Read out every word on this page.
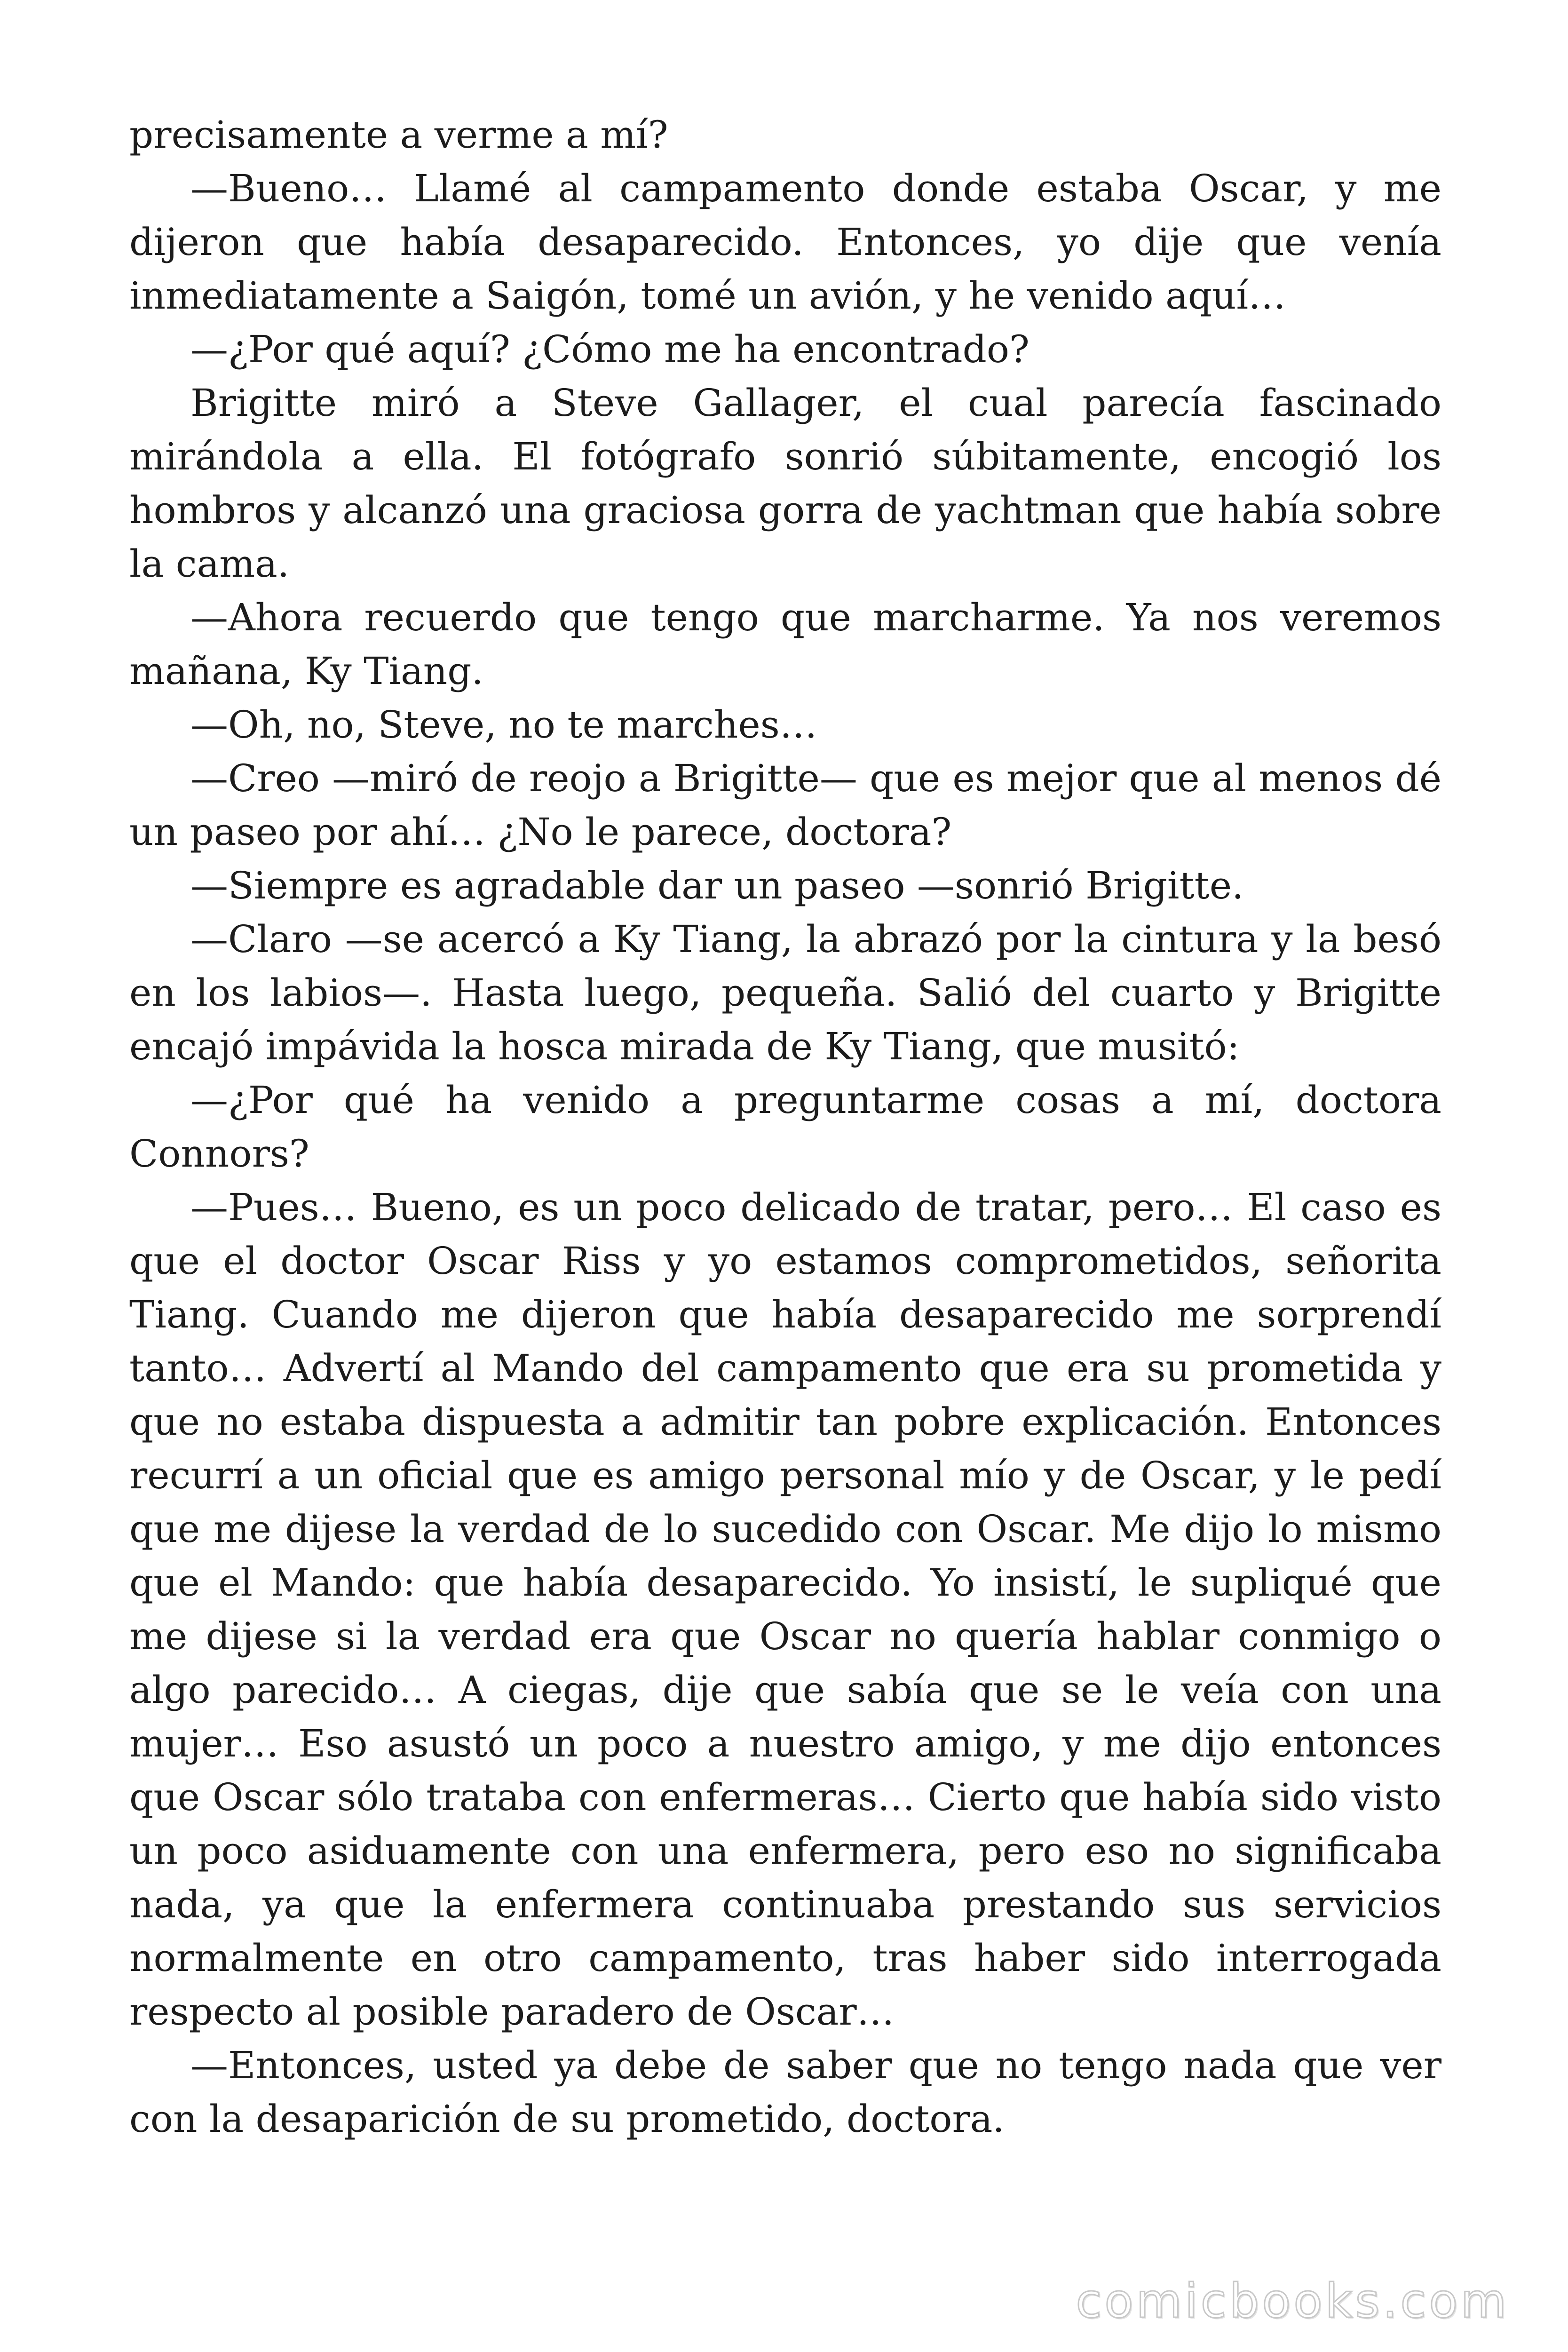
precisamente a verme a mí?

—Bueno… Llamé al campamento donde estaba Oscar, y me dijeron que había desaparecido. Entonces, yo dije que venía inmediatamente a Saigón, tomé un avión, y he venido aquí…

—¿Por qué aquí? ¿Cómo me ha encontrado?

Brigitte miró a Steve Gallager, el cual parecía fascinado mirándola a ella. El fotógrafo sonrió súbitamente, encogió los hombros y alcanzó una graciosa gorra de yachtman que había sobre la cama.

—Ahora recuerdo que tengo que marcharme. Ya nos veremos mañana, Ky Tiang.

—Oh, no, Steve, no te marches…

—Creo —miró de reojo a Brigitte— que es mejor que al menos dé un paseo por ahí… ¿No le parece, doctora?

—Siempre es agradable dar un paseo —sonrió Brigitte.

—Claro —se acercó a Ky Tiang, la abrazó por la cintura y la besó en los labios—. Hasta luego, pequeña. Salió del cuarto y Brigitte encajó impávida la hosca mirada de Ky Tiang, que musitó:

—¿Por qué ha venido a preguntarme cosas a mí, doctora Connors?

—Pues… Bueno, es un poco delicado de tratar, pero… El caso es que el doctor Oscar Riss y yo estamos comprometidos, señorita Tiang. Cuando me dijeron que había desaparecido me sorprendí tanto… Advertí al Mando del campamento que era su prometida y que no estaba dispuesta a admitir tan pobre explicación. Entonces recurrí a un oficial que es amigo personal mío y de Oscar, y le pedí que me dijese la verdad de lo sucedido con Oscar. Me dijo lo mismo que el Mando: que había desaparecido. Yo insistí, le supliqué que me dijese si la verdad era que Oscar no quería hablar conmigo o algo parecido… A ciegas, dije que sabía que se le veía con una mujer… Eso asustó un poco a nuestro amigo, y me dijo entonces que Oscar sólo trataba con enfermeras… Cierto que había sido visto un poco asiduamente con una enfermera, pero eso no significaba nada, ya que la enfermera continuaba prestando sus servicios normalmente en otro campamento, tras haber sido interrogada respecto al posible paradero de Oscar…

—Entonces, usted ya debe de saber que no tengo nada que ver con la desaparición de su prometido, doctora.

comicbooks.com
